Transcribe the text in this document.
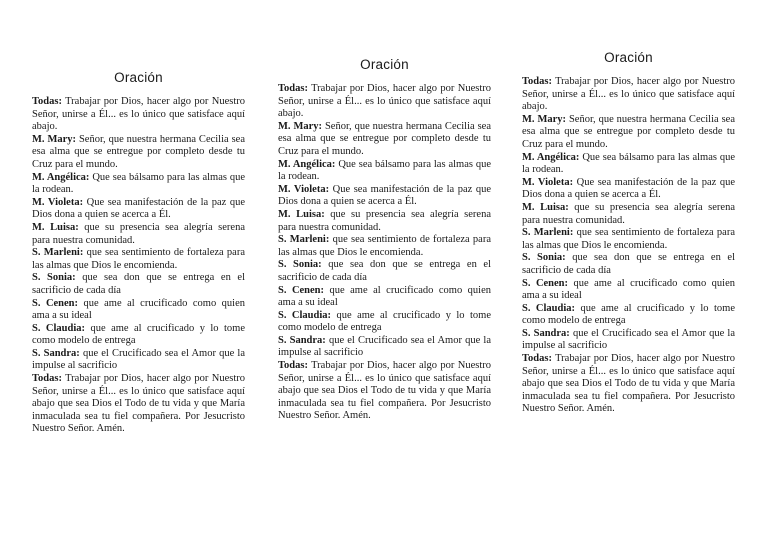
Oración

Todas: Trabajar por Dios, hacer algo por Nuestro Señor, unirse a Él... es lo único que satisface aquí abajo.

M. Mary: Señor, que nuestra hermana Cecilia sea esa alma que se entregue por completo desde tu Cruz para el mundo.

M. Angélica: Que sea bálsamo para las almas que la rodean.

M. Violeta: Que sea manifestación de la paz que Dios dona a quien se acerca a Él.

M. Luisa: que su presencia sea alegría serena para nuestra comunidad.

S. Marleni: que sea sentimiento de fortaleza para las almas que Dios le encomienda.

S. Sonia: que sea don que se entrega en el sacrificio de cada día

S. Cenen: que ame al crucificado como quien ama a su ideal

S. Claudia: que ame al crucificado y lo tome como modelo de entrega

S. Sandra: que el Crucificado sea el Amor que la impulse al sacrificio

Todas: Trabajar por Dios, hacer algo por Nuestro Señor, unirse a Él... es lo único que satisface aquí abajo que sea Dios el Todo de tu vida y que María inmaculada sea tu fiel compañera. Por Jesucristo Nuestro Señor. Amén.

Oración

Todas: Trabajar por Dios, hacer algo por Nuestro Señor, unirse a Él... es lo único que satisface aquí abajo.

M. Mary: Señor, que nuestra hermana Cecilia sea esa alma que se entregue por completo desde tu Cruz para el mundo.

M. Angélica: Que sea bálsamo para las almas que la rodean.

M. Violeta: Que sea manifestación de la paz que Dios dona a quien se acerca a Él.

M. Luisa: que su presencia sea alegría serena para nuestra comunidad.

S. Marleni: que sea sentimiento de fortaleza para las almas que Dios le encomienda.

S. Sonia: que sea don que se entrega en el sacrificio de cada día

S. Cenen: que ame al crucificado como quien ama a su ideal

S. Claudia: que ame al crucificado y lo tome como modelo de entrega

S. Sandra: que el Crucificado sea el Amor que la impulse al sacrificio

Todas: Trabajar por Dios, hacer algo por Nuestro Señor, unirse a Él... es lo único que satisface aquí abajo que sea Dios el Todo de tu vida y que María inmaculada sea tu fiel compañera. Por Jesucristo Nuestro Señor. Amén.

Oración

Todas: Trabajar por Dios, hacer algo por Nuestro Señor, unirse a Él... es lo único que satisface aquí abajo.

M. Mary: Señor, que nuestra hermana Cecilia sea esa alma que se entregue por completo desde tu Cruz para el mundo.

M. Angélica: Que sea bálsamo para las almas que la rodean.

M. Violeta: Que sea manifestación de la paz que Dios dona a quien se acerca a Él.

M. Luisa: que su presencia sea alegría serena para nuestra comunidad.

S. Marleni: que sea sentimiento de fortaleza para las almas que Dios le encomienda.

S. Sonia: que sea don que se entrega en el sacrificio de cada día

S. Cenen: que ame al crucificado como quien ama a su ideal

S. Claudia: que ame al crucificado y lo tome como modelo de entrega

S. Sandra: que el Crucificado sea el Amor que la impulse al sacrificio

Todas: Trabajar por Dios, hacer algo por Nuestro Señor, unirse a Él... es lo único que satisface aquí abajo que sea Dios el Todo de tu vida y que María inmaculada sea tu fiel compañera. Por Jesucristo Nuestro Señor. Amén.
